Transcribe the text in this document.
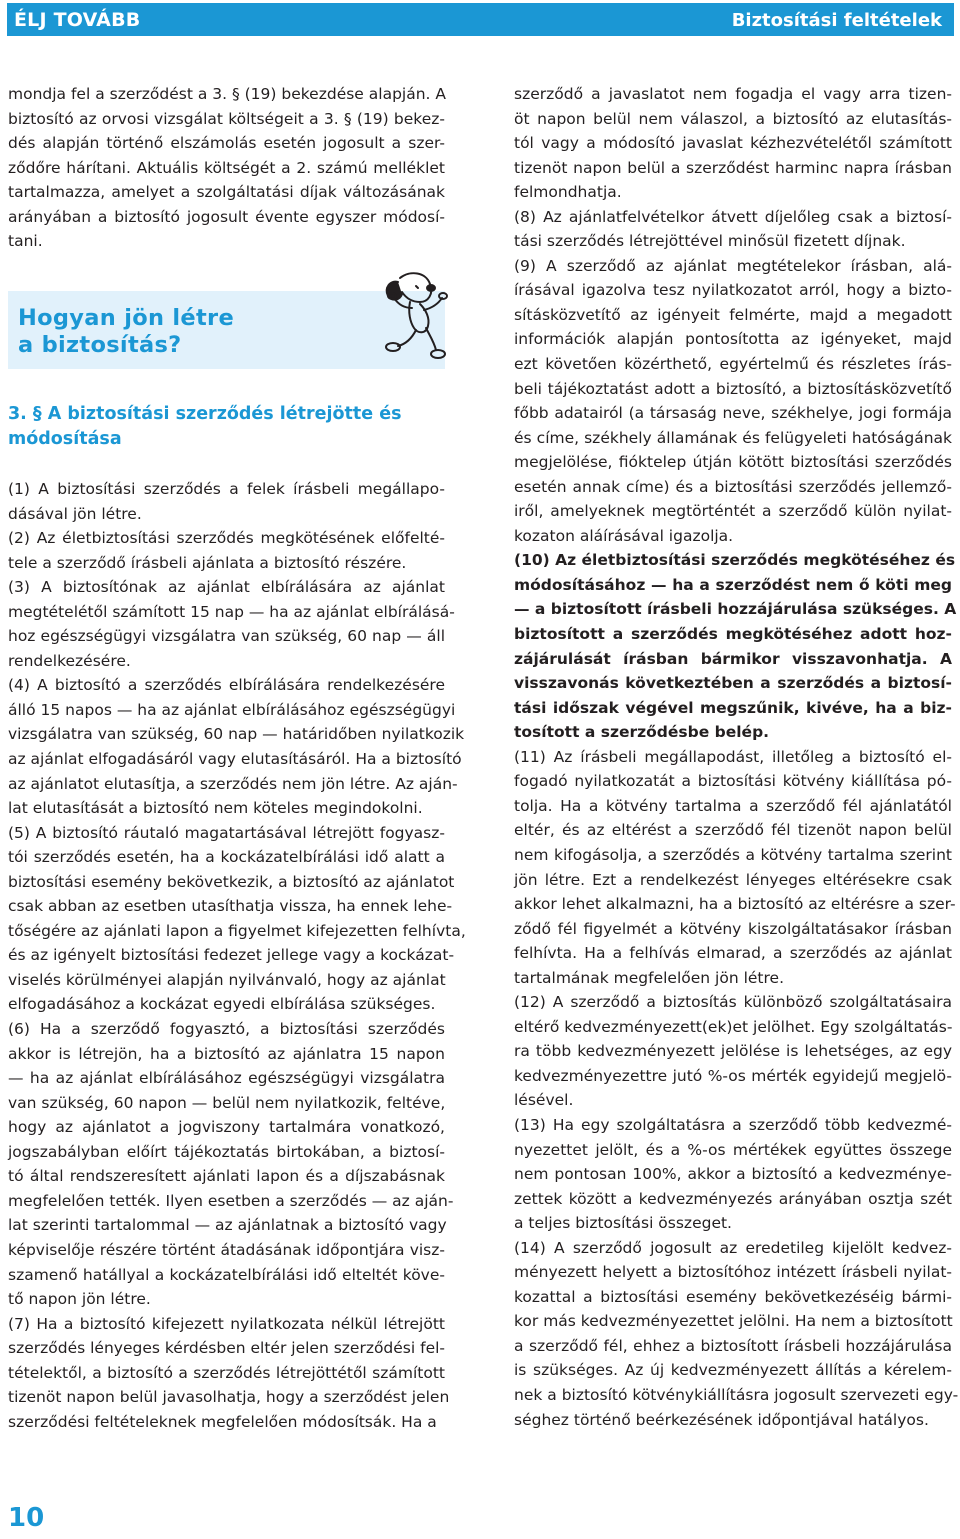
ÉLJ TOVÁBB	Biztosítási feltételek

mondja fel a szerződést a 3. § (19) bekezdése alapján. A
biztosító az orvosi vizsgálat költségeit a 3. § (19) bekez-
dés alapján történő elszámolás esetén jogosult a szer-
ződőre hárítani. Aktuális költségét a 2. számú melléklet
tartalmazza, amelyet a szolgáltatási díjak változásának
arányában a biztosító jogosult évente egyszer módosí-
tani.

Hogyan jön létre
a biztosítás?
3. § A biztosítási szerződés létrejötte és
módosítása

(1) A biztosítási szerződés a felek írásbeli megállapo-
dásával jön létre.

(2) Az életbiztosítási szerződés megkötésének előfelté-
tele a szerződő írásbeli ajánlata a biztosító részére.

(3) A biztosítónak az ajánlat elbírálására az ajánlat
megtételétől számított 15 nap — ha az ajánlat elbírálásá-
hoz egészségügyi vizsgálatra van szükség, 60 nap — áll
rendelkezésére.

(4) A biztosító a szerződés elbírálására rendelkezésére
álló 15 napos — ha az ajánlat elbírálásához egészségügyi
vizsgálatra van szükség, 60 nap — határidőben nyilatkozik
az ajánlat elfogadásáról vagy elutasításáról. Ha a biztosító
az ajánlatot elutasítja, a szerződés nem jön létre. Az aján-
lat elutasítását a biztosító nem köteles megindokolni.

(5) A biztosító ráutaló magatartásával létrejött fogyasz-
tói szerződés esetén, ha a kockázatelbírálási idő alatt a
biztosítási esemény bekövetkezik, a biztosító az ajánlatot
csak abban az esetben utasíthatja vissza, ha ennek lehe-
tőségére az ajánlati lapon a figyelmet kifejezetten felhívta,
és az igényelt biztosítási fedezet jellege vagy a kockázat-
viselés körülményei alapján nyilvánvaló, hogy az ajánlat
elfogadásához a kockázat egyedi elbírálása szükséges.

(6) Ha a szerződő fogyasztó, a biztosítási szerződés
akkor is létrejön, ha a biztosító az ajánlatra 15 napon
— ha az ajánlat elbírálásához egészségügyi vizsgálatra
van szükség, 60 napon — belül nem nyilatkozik, feltéve,
hogy az ajánlatot a jogviszony tartalmára vonatkozó,
jogszabályban előírt tájékoztatás birtokában, a biztosí-
tó által rendszeresített ajánlati lapon és a díjszabásnak
megfelelően tették. Ilyen esetben a szerződés — az aján-
lat szerinti tartalommal — az ajánlatnak a biztosító vagy
képviselője részére történt átadásának időpontjára visz-
szamenő hatállyal a kockázatelbírálási idő elteltét köve-
tő napon jön létre.

(7) Ha a biztosító kifejezett nyilatkozata nélkül létrejött
szerződés lényeges kérdésben eltér jelen szerződési fel-
tételektől, a biztosító a szerződés létrejöttétől számított
tizenöt napon belül javasolhatja, hogy a szerződést jelen
szerződési feltételeknek megfelelően módosítsák. Ha a

szerződő a javaslatot nem fogadja el vagy arra tizen-
öt napon belül nem válaszol, a biztosító az elutasítás-
tól vagy a módosító javaslat kézhezvételétől számított
tizenöt napon belül a szerződést harminc napra írásban
felmondhatja.

(8) Az ajánlatfelvételkor átvett díjelőleg csak a biztosí-
tási szerződés létrejöttével minősül fizetett díjnak.

(9) A szerződő az ajánlat megtételekor írásban, alá-
írásával igazolva tesz nyilatkozatot arról, hogy a bizto-
sításközvetítő az igényeit felmérte, majd a megadott
információk alapján pontosította az igényeket, majd
ezt követően közérthető, egyértelmű és részletes írás-
beli tájékoztatást adott a biztosító, a biztosításközvetítő
főbb adatairól (a társaság neve, székhelye, jogi formája
és címe, székhely államának és felügyeleti hatóságának
megjelölése, fióktelep útján kötött biztosítási szerződés
esetén annak címe) és a biztosítási szerződés jellemző-
iről, amelyeknek megtörténtét a szerződő külön nyilat-
kozaton aláírásával igazolja.

(10) Az életbiztosítási szerződés megkötéséhez és
módosításához — ha a szerződést nem ő köti meg
— a biztosított írásbeli hozzájárulása szükséges. A
biztosított a szerződés megkötéséhez adott hoz-
zájárulását írásban bármikor visszavonhatja. A
visszavonás következtében a szerződés a biztosí-
tási időszak végével megszűnik, kivéve, ha a biz-
tosított a szerződésbe belép.

(11) Az írásbeli megállapodást, illetőleg a biztosító el-
fogadó nyilatkozatát a biztosítási kötvény kiállítása pó-
tolja. Ha a kötvény tartalma a szerződő fél ajánlatától
eltér, és az eltérést a szerződő fél tizenöt napon belül
nem kifogásolja, a szerződés a kötvény tartalma szerint
jön létre. Ezt a rendelkezést lényeges eltérésekre csak
akkor lehet alkalmazni, ha a biztosító az eltérésre a szer-
ződő fél figyelmét a kötvény kiszolgáltatásakor írásban
felhívta. Ha a felhívás elmarad, a szerződés az ajánlat
tartalmának megfelelően jön létre.

(12) A szerződő a biztosítás különböző szolgáltatásaira
eltérő kedvezményezett(ek)et jelölhet. Egy szolgáltatás-
ra több kedvezményezett jelölése is lehetséges, az egy
kedvezményezettre jutó %-os mérték egyidejű megjelö-
lésével.

(13) Ha egy szolgáltatásra a szerződő több kedvezmé-
nyezettet jelölt, és a %-os mértékek együttes összege
nem pontosan 100%, akkor a biztosító a kedvezménye-
zettek között a kedvezményezés arányában osztja szét
a teljes biztosítási összeget.

(14) A szerződő jogosult az eredetileg kijelölt kedvez-
ményezett helyett a biztosítóhoz intézett írásbeli nyilat-
kozattal a biztosítási esemény bekövetkezéséig bármi-
kor más kedvezményezettet jelölni. Ha nem a biztosított
a szerződő fél, ehhez a biztosított írásbeli hozzájárulása
is szükséges. Az új kedvezményezett állítás a kérelem-
nek a biztosító kötvénykiállításra jogosult szervezeti egy-
séghez történő beérkezésének időpontjával hatályos.

10
